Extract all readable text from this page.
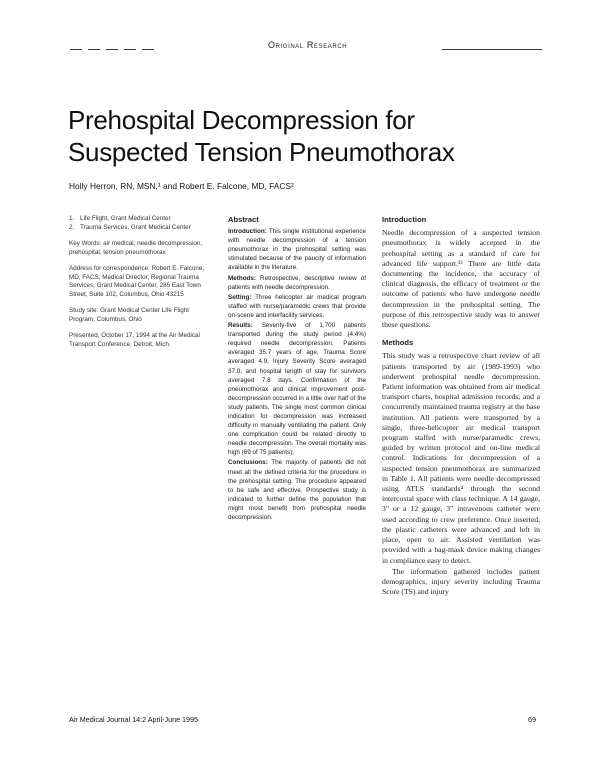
Original Research
Prehospital Decompression for
Suspected Tension Pneumothorax

Holly Herron, RN, MSN,¹ and Robert E. Falcone, MD, FACS²

1. Life Flight, Grant Medical Center
2. Trauma Services, Grant Medical Center

Key Words: air medical, needle decompression, prehospital, tension pneumothorax

Address for correspondence: Robert E. Falcone, MD, FACS, Medical Director, Regional Trauma Services, Grant Medical Center, 285 East Town Street, Suite 102, Columbus, Ohio 43215

Study site: Grant Medical Center Life Flight Program, Columbus, Ohio

Presented, October 17, 1994 at the Air Medical Transport Conference, Detroit, Mich.

Abstract

Introduction: This single institutional experience with needle decompression of a tension pneumothorax in the prehospital setting was stimulated because of the paucity of information available in the literature.

Methods: Retrospective, descriptive review of patients with needle decompression.

Setting: Three helicopter air medical program staffed with nurse/paramedic crews that provide on-scene and interfacility services.

Results: Seventy-five of 1,700 patients transported during the study period (4.4%) required needle decompression. Patients averaged 35.7 years of age, Trauma Score averaged 4.9, Injury Severity Score averaged 37.0, and hospital length of stay for survivors averaged 7.8 days. Confirmation of the pneumothorax and clinical improvement post-decompression occurred in a little over half of the study patients. The single most common clinical indication for decompression was increased difficulty in manually ventilating the patient. Only one complication could be related directly to needle decompression. The overall mortality was high (69 of 75 patients).

Conclusions: The majority of patients did not meet all the defined criteria for the procedure in the prehospital setting. The procedure appeared to be safe and effective. Prospective study is indicated to further define the population that might most benefit from prehospital needle decompression.

Introduction

Needle decompression of a suspected tension pneumothorax is widely accepted in the prehospital setting as a standard of care for advanced life support.¹³ There are little data documenting the incidence, the accuracy of clinical diagnosis, the efficacy of treatment or the outcome of patients who have undergone needle decompression in the prehospital setting. The purpose of this retrospective study was to answer these questions.

Methods

This study was a retrospective chart review of all patients transported by air (1989-1993) who underwent prehospital needle decompression. Patient information was obtained from air medical transport charts, hospital admission records, and a concurrently maintained trauma registry at the base institution. All patients were transported by a single, three-helicopter air medical transport program staffed with nurse/paramedic crews, guided by written protocol and on-line medical control. Indications for decompression of a suspected tension pneumothorax are summarized in Table 1. All patients were needle decompressed using ATLS standards⁴ through the second intercostal space with class technique. A 14 gauge, 3" or a 12 gauge, 3" intravenous catheter were used according to crew preference. Once inserted, the plastic catheters were advanced and left in place, open to air. Assisted ventilation was provided with a bag-mask device making changes in compliance easy to detect.

The information gathered includes patient demographics, injury severity including Trauma Score (TS) and injury

Air Medical Journal 14:2 April-June 1995	69
